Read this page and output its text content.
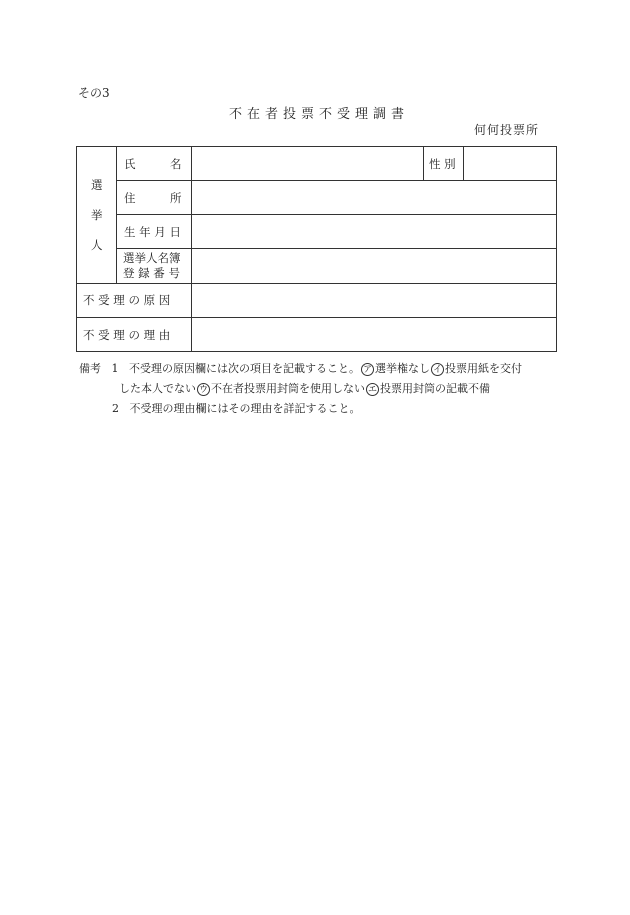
その3
不在者投票不受理調書
何何投票所
選
挙
人
氏　　　名	性 別
住　　　所
生 年 月 日
選挙人名簿
登 録 番 号
不 受 理 の 原 因
不 受 理 の 理 由
備考 1 不受理の原因欄には次の項目を記載すること。 ア 選挙権なし イ 投票用紙を交付
した本人でない ウ 不在者投票用封筒を使用しない エ 投票用封筒の記載不備
2 不受理の理由欄にはその理由を詳記すること。
